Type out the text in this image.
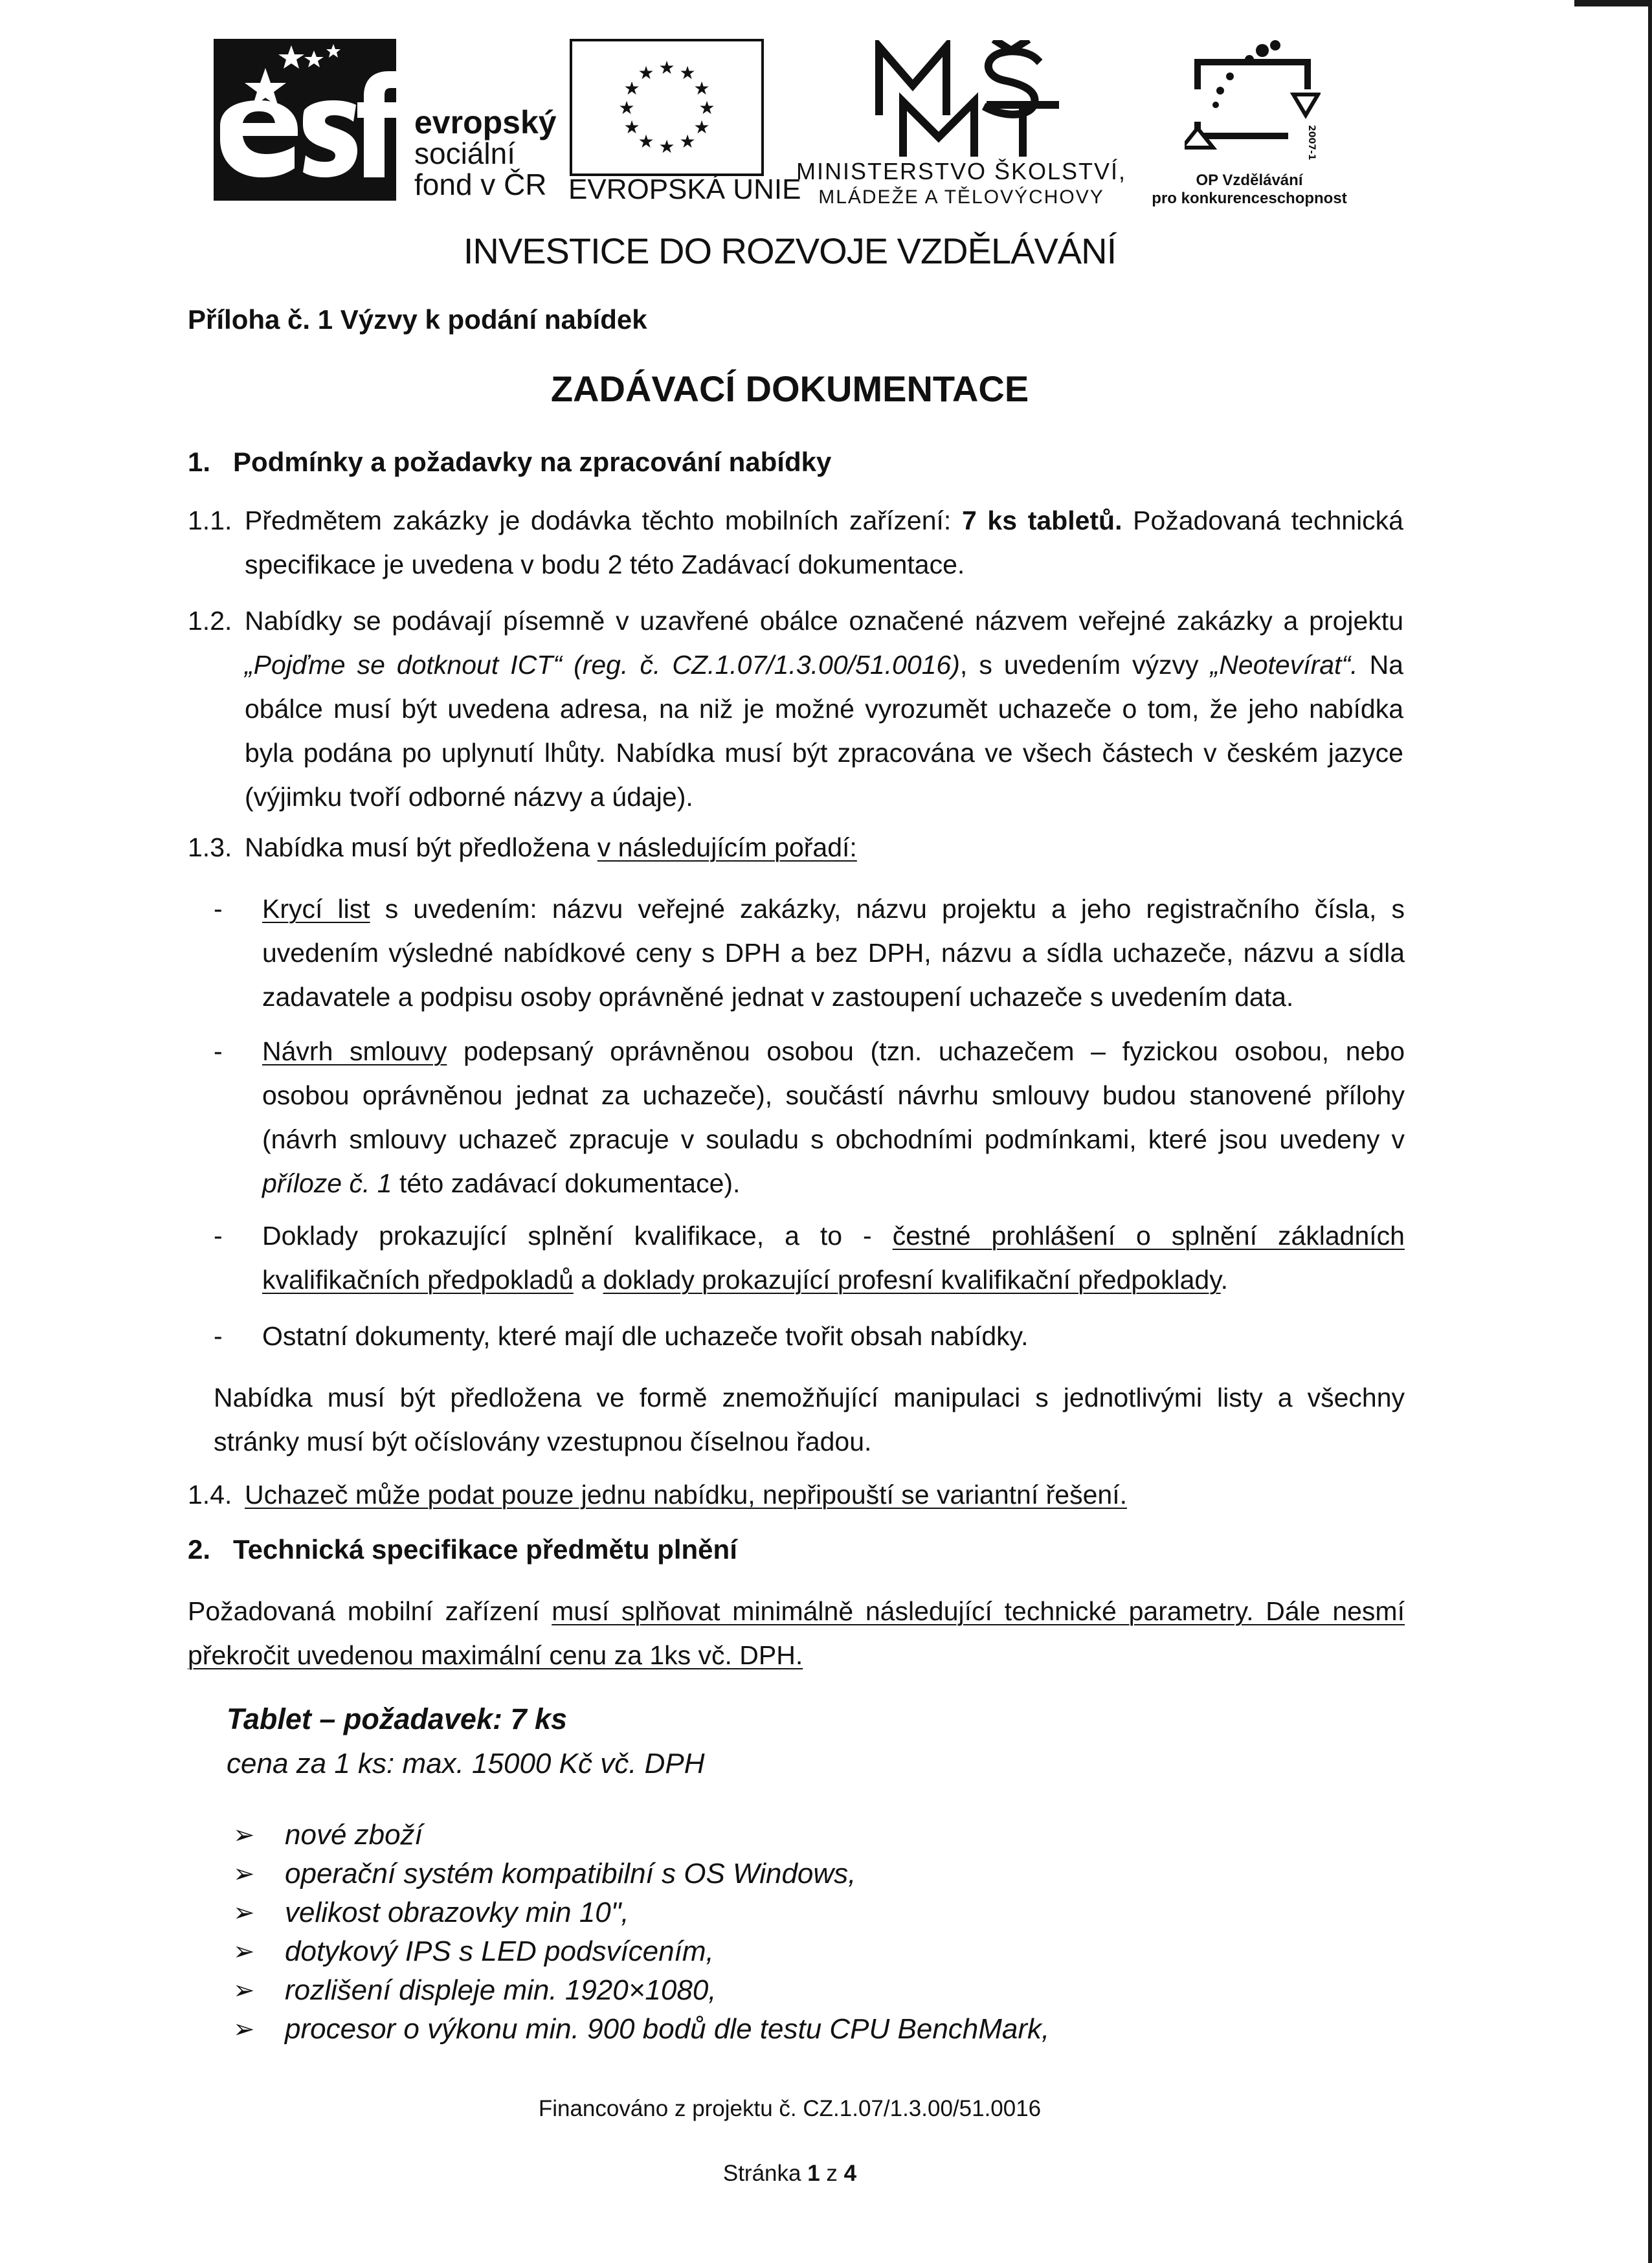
evropský
sociální
fond v ČR
★ ★
★
★
★
★
★
★
★
★
★
★
EVROPSKÁ UNIE
MINISTERSTVO ŠKOLSTVÍ,
MLÁDEŽE A TĚLOVÝCHOVY
2007-13
OP Vzdělávání
pro konkurenceschopnost
INVESTICE DO ROZVOJE VZDĚLÁVÁNÍ
Příloha č. 1 Výzvy k podání nabídek
ZADÁVACÍ DOKUMENTACE
1.   Podmínky a požadavky na zpracování nabídky
1.1. Předmětem zakázky je dodávka těchto mobilních zařízení: 7 ks tabletů. Požadovaná technická specifikace je uvedena v bodu 2 této Zadávací dokumentace.
1.2. Nabídky se podávají písemně v uzavřené obálce označené názvem veřejné zakázky a projektu „Pojďme se dotknout ICT“ (reg. č. CZ.1.07/1.3.00/51.0016), s uvedením výzvy „Neotevírat“. Na obálce musí být uvedena adresa, na niž je možné vyrozumět uchazeče o tom, že jeho nabídka byla podána po uplynutí lhůty. Nabídka musí být zpracována ve všech částech v českém jazyce (výjimku tvoří odborné názvy a údaje).
1.3. Nabídka musí být předložena v následujícím pořadí:
- Krycí list s uvedením: názvu veřejné zakázky, názvu projektu a jeho registračního čísla, s uvedením výsledné nabídkové ceny s DPH a bez DPH, názvu a sídla uchazeče, názvu a sídla zadavatele a podpisu osoby oprávněné jednat v zastoupení uchazeče s uvedením data.
- Návrh smlouvy podepsaný oprávněnou osobou (tzn. uchazečem – fyzickou osobou, nebo osobou oprávněnou jednat za uchazeče), součástí návrhu smlouvy budou stanovené přílohy (návrh smlouvy uchazeč zpracuje v souladu s obchodními podmínkami, které jsou uvedeny v příloze č. 1 této zadávací dokumentace).
- Doklady prokazující splnění kvalifikace, a to - čestné prohlášení o splnění základních kvalifikačních předpokladů a doklady prokazující profesní kvalifikační předpoklady.
- Ostatní dokumenty, které mají dle uchazeče tvořit obsah nabídky.
Nabídka musí být předložena ve formě znemožňující manipulaci s jednotlivými listy a všechny stránky musí být očíslovány vzestupnou číselnou řadou.
1.4. Uchazeč může podat pouze jednu nabídku, nepřipouští se variantní řešení.
2.   Technická specifikace předmětu plnění
Požadovaná mobilní zařízení musí splňovat minimálně následující technické parametry. Dále nesmí překročit uvedenou maximální cenu za 1ks vč. DPH.
Tablet – požadavek: 7 ks
cena za 1 ks: max. 15000 Kč vč. DPH
➢	nové zboží
➢	operační systém kompatibilní s OS Windows,
➢	velikost obrazovky min 10",
➢	dotykový IPS s LED podsvícením,
➢	rozlišení displeje min. 1920×1080,
➢	procesor o výkonu min. 900 bodů dle testu CPU BenchMark,
Financováno z projektu č. CZ.1.07/1.3.00/51.0016
Stránka 1 z 4
